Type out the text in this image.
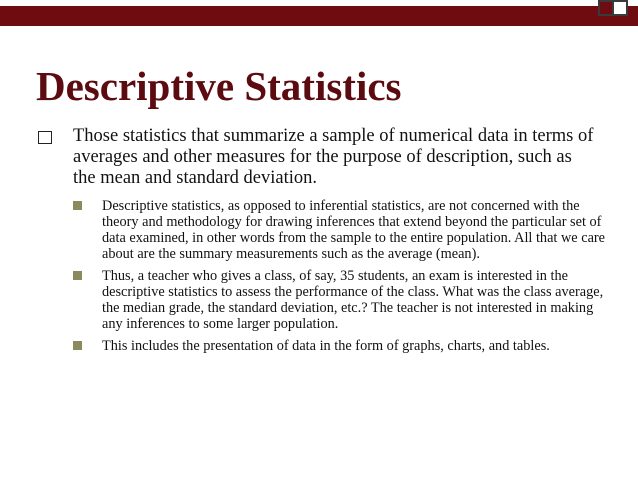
Descriptive Statistics
Those statistics that summarize a sample of numerical data in terms of averages and other measures for the purpose of description, such as the mean and standard deviation.
Descriptive statistics, as opposed to inferential statistics, are not concerned with the theory and methodology for drawing inferences that extend beyond the particular set of data examined, in other words from the sample to the entire population. All that we care about are the summary measurements such as the average (mean).
Thus, a teacher who gives a class, of say, 35 students, an exam is interested in the descriptive statistics to assess the performance of the class. What was the class average, the median grade, the standard deviation, etc.? The teacher is not interested in making any inferences to some larger population.
This includes the presentation of data in the form of graphs, charts, and tables.
